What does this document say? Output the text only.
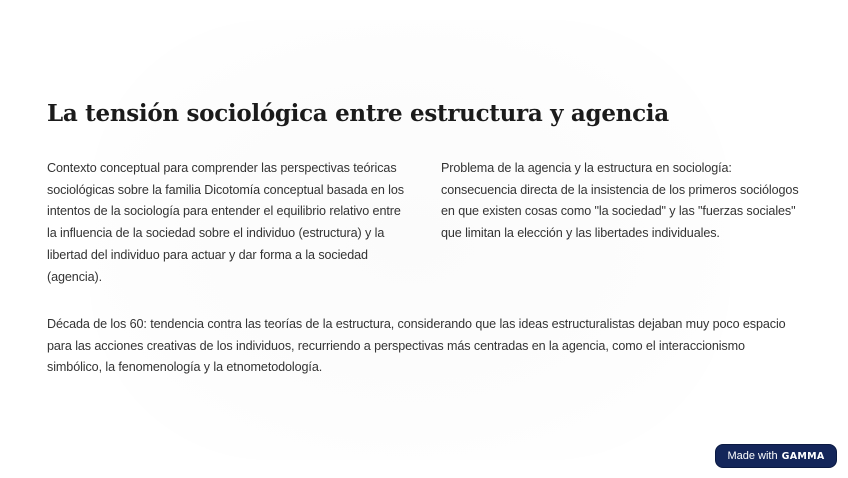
La tensión sociológica entre estructura y agencia

Contexto conceptual para comprender las perspectivas teóricas sociológicas sobre la familia Dicotomía conceptual basada en los intentos de la sociología para entender el equilibrio relativo entre la influencia de la sociedad sobre el individuo (estructura) y la libertad del individuo para actuar y dar forma a la sociedad (agencia).

Problema de la agencia y la estructura en sociología: consecuencia directa de la insistencia de los primeros sociólogos en que existen cosas como "la sociedad" y las "fuerzas sociales" que limitan la elección y las libertades individuales.

Década de los 60: tendencia contra las teorías de la estructura, considerando que las ideas estructuralistas dejaban muy poco espacio para las acciones creativas de los individuos, recurriendo a perspectivas más centradas en la agencia, como el interaccionismo simbólico, la fenomenología y la etnometodología.

Made with GAMMA
